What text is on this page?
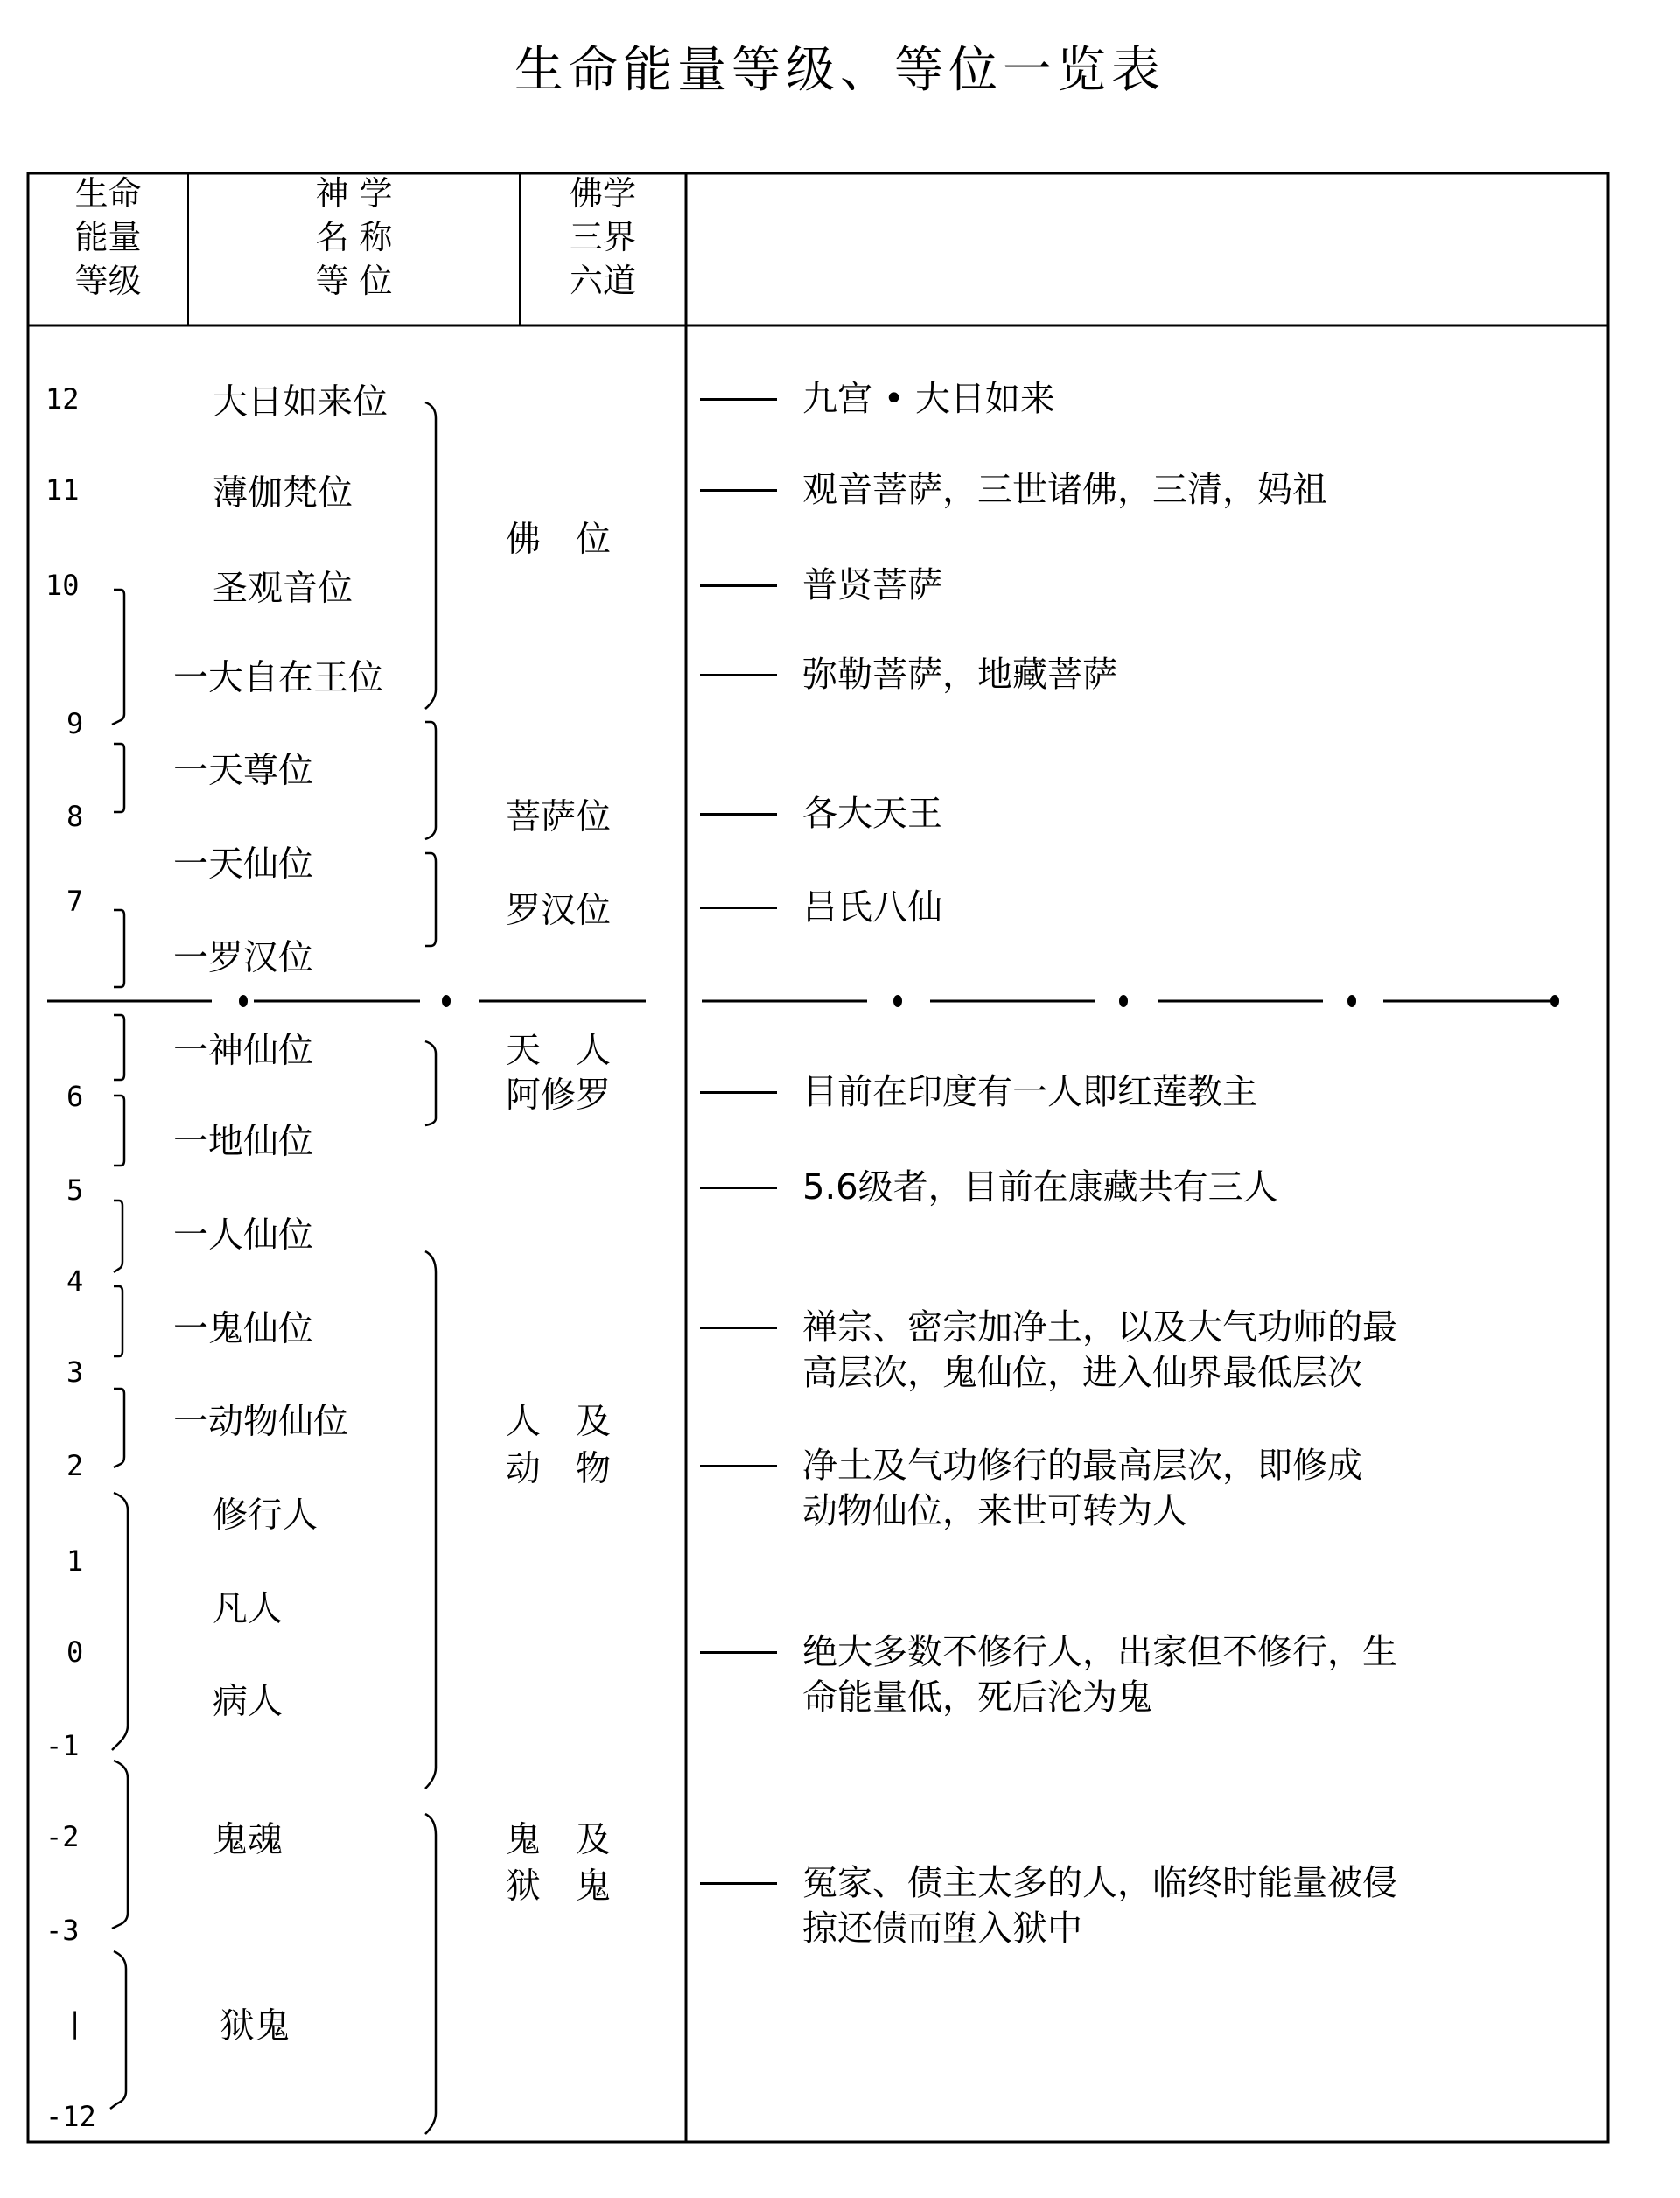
生命能量等级、等位一览表
生命
能量
等级
神 学
名 称
等 位
佛学
三界
六道
12
11
10
9
8
7
6
5
4
3
2
1
0
-1
-2
-3
|
-12
大日如来位
薄伽梵位
圣观音位
一大自在王位
一天尊位
一天仙位
一罗汉位
一神仙位
一地仙位
一人仙位
一鬼仙位
一动物仙位
修行人
凡人
病人
鬼魂
狱鬼
佛　位
菩萨位
罗汉位
天　人
阿修罗
人　及
动　物
鬼　及
狱　鬼
九宫 • 大日如来
观音菩萨，三世诸佛，三清，妈祖
普贤菩萨
弥勒菩萨，地藏菩萨
各大天王
吕氏八仙
目前在印度有一人即红莲教主
5.6级者，目前在康藏共有三人
禅宗、密宗加净土，以及大气功师的最
高层次，鬼仙位，进入仙界最低层次
净土及气功修行的最高层次，即修成
动物仙位，来世可转为人
绝大多数不修行人，出家但不修行，生
命能量低，死后沦为鬼
冤家、债主太多的人，临终时能量被侵
掠还债而堕入狱中
